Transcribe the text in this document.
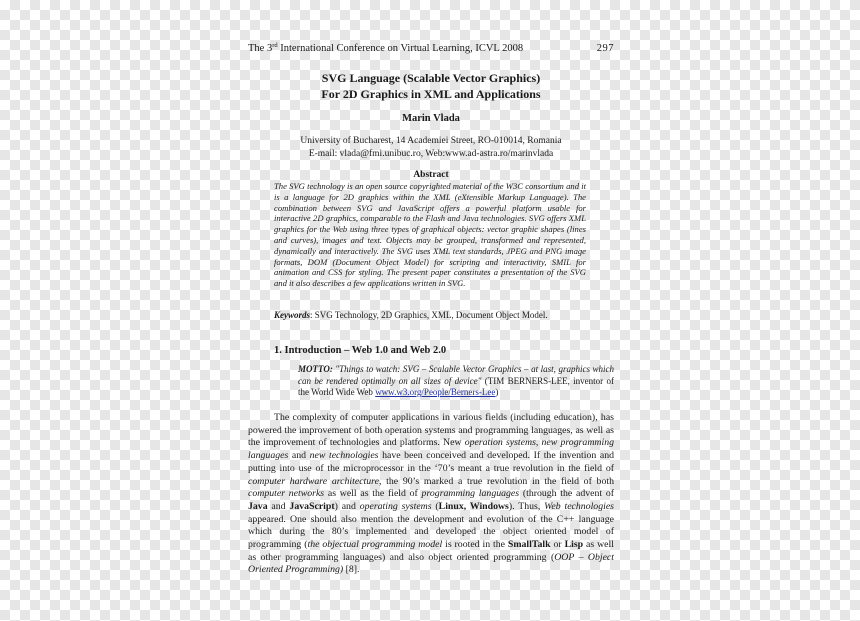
The 3rd International Conference on Virtual Learning, ICVL 2008	297
SVG Language (Scalable Vector Graphics)
For 2D Graphics in XML and Applications
Marin Vlada
University of Bucharest, 14 Academiei Street, RO-010014, Romania
E-mail: vlada@fmi.unibuc.ro, Web:www.ad-astra.ro/marinvlada
Abstract
The SVG technology is an open source copyrighted material of the W3C consortium and it is a language for 2D graphics within the XML (eXtensible Markup Language). The combination between SVG and JavaScript offers a powerful platform usable for interactive 2D graphics, comparable to the Flash and Java technologies. SVG offers XML graphics for the Web using three types of graphical objects: vector graphic shapes (lines and curves), images and text. Objects may be grouped, transformed and represented, dynamically and interactively. The SVG uses XML text standards, JPEG and PNG image formats, DOM (Document Object Model) for scripting and interactivity, SMIL for animation and CSS for styling. The present paper constitutes a presentation of the SVG and it also describes a few applications written in SVG.
Keywords: SVG Technology, 2D Graphics, XML, Document Object Model.
1. Introduction – Web 1.0 and Web 2.0
MOTTO: "Things to watch: SVG – Scalable Vector Graphics – at last, graphics which can be rendered optimally on all sizes of device" (TIM BERNERS-LEE, inventor of the World Wide Web www.w3.org/People/Berners-Lee)
The complexity of computer applications in various fields (including education), has powered the improvement of both operation systems and programming languages, as well as the improvement of technologies and platforms. New operation systems, new programming languages and new technologies have been conceived and developed. If the invention and putting into use of the microprocessor in the ‘70’s meant a true revolution in the field of computer hardware architecture, the 90’s marked a true revolution in the field of both computer networks as well as the field of programming languages (through the advent of Java and JavaScript) and operating systems (Linux, Windows). Thus, Web technologies appeared. One should also mention the development and evolution of the C++ language which during the 80’s implemented and developed the object oriented model of programming (the objectual programming model is rooted in the SmallTalk or Lisp as well as other programming languages) and also object oriented programming (OOP – Object Oriented Programming) [8].
